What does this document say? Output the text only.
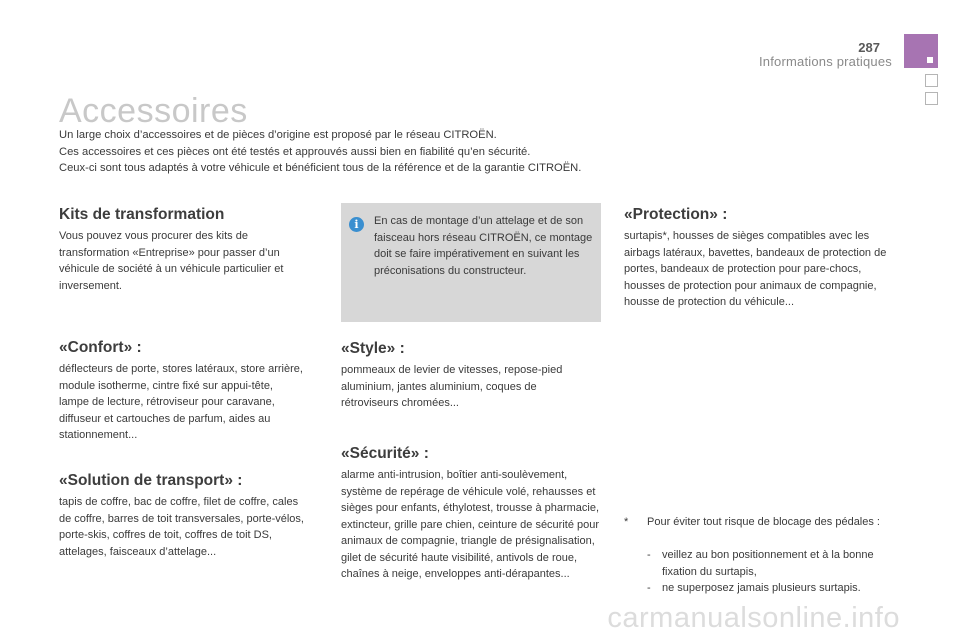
287
Informations pratiques
Accessoires

Un large choix d’accessoires et de pièces d’origine est proposé par le réseau CITROËN.

Ces accessoires et ces pièces ont été testés et approuvés aussi bien en fiabilité qu’en sécurité.

Ceux-ci sont tous adaptés à votre véhicule et bénéficient tous de la référence et de la garantie CITROËN.

Kits de transformation

Vous pouvez vous procurer des kits de transformation «Entreprise» pour passer d’un véhicule de société à un véhicule particulier et inversement.

«Confort» :

déflecteurs de porte, stores latéraux, store arrière, module isotherme, cintre fixé sur appui-tête, lampe de lecture, rétroviseur pour caravane, diffuseur et cartouches de parfum, aides au stationnement...

«Solution de transport» :

tapis de coffre, bac de coffre, filet de coffre, cales de coffre, barres de toit transversales, porte-vélos, porte-skis, coffres de toit, coffres de toit DS, attelages, faisceaux d’attelage...

i	En cas de montage d’un attelage et de son faisceau hors réseau CITROËN, ce montage doit se faire impérativement en suivant les préconisations du constructeur.
«Style» :

pommeaux de levier de vitesses, repose-pied aluminium, jantes aluminium, coques de rétroviseurs chromées...

«Sécurité» :

alarme anti-intrusion, boîtier anti-soulèvement, système de repérage de véhicule volé, rehausses et sièges pour enfants, éthylotest, trousse à pharmacie, extincteur, grille pare chien, ceinture de sécurité pour animaux de compagnie, triangle de présignalisation, gilet de sécurité haute visibilité, antivols de roue, chaînes à neige, enveloppes anti-dérapantes...

«Protection» :

surtapis*, housses de sièges compatibles avec les airbags latéraux, bavettes, bandeaux de protection de portes, bandeaux de protection pour pare-chocs, housses de protection pour animaux de compagnie, housse de protection du véhicule...

* Pour éviter tout risque de blocage des pédales :
- veillez au bon positionnement et à la bonne fixation du surtapis,
- ne superposez jamais plusieurs surtapis.
carmanualsonline.info
